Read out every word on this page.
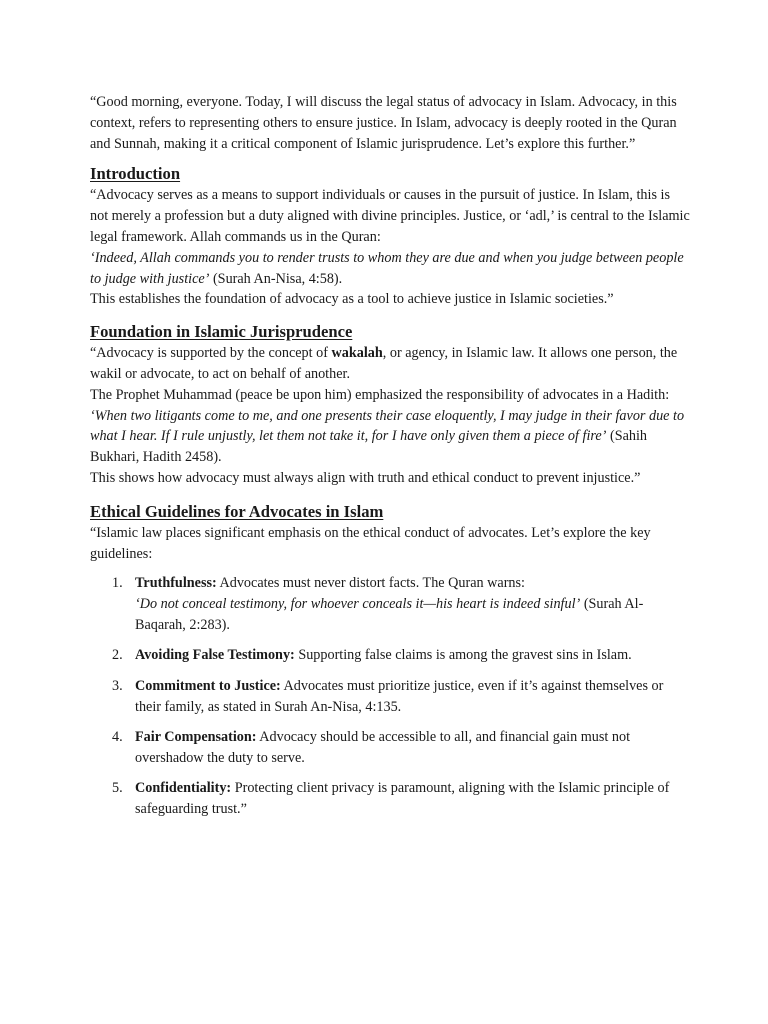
“Good morning, everyone. Today, I will discuss the legal status of advocacy in Islam. Advocacy, in this context, refers to representing others to ensure justice. In Islam, advocacy is deeply rooted in the Quran and Sunnah, making it a critical component of Islamic jurisprudence. Let’s explore this further.”

Introduction

“Advocacy serves as a means to support individuals or causes in the pursuit of justice. In Islam, this is not merely a profession but a duty aligned with divine principles. Justice, or ‘adl,’ is central to the Islamic legal framework. Allah commands us in the Quran:
‘Indeed, Allah commands you to render trusts to whom they are due and when you judge between people to judge with justice’ (Surah An-Nisa, 4:58).
This establishes the foundation of advocacy as a tool to achieve justice in Islamic societies.”

Foundation in Islamic Jurisprudence

“Advocacy is supported by the concept of wakalah, or agency, in Islamic law. It allows one person, the wakil or advocate, to act on behalf of another.
The Prophet Muhammad (peace be upon him) emphasized the responsibility of advocates in a Hadith:
‘When two litigants come to me, and one presents their case eloquently, I may judge in their favor due to what I hear. If I rule unjustly, let them not take it, for I have only given them a piece of fire’ (Sahih Bukhari, Hadith 2458).
This shows how advocacy must always align with truth and ethical conduct to prevent injustice.”

Ethical Guidelines for Advocates in Islam

“Islamic law places significant emphasis on the ethical conduct of advocates. Let’s explore the key guidelines:

1. Truthfulness: Advocates must never distort facts. The Quran warns:
‘Do not conceal testimony, for whoever conceals it—his heart is indeed sinful’ (Surah Al-Baqarah, 2:283).
2. Avoiding False Testimony: Supporting false claims is among the gravest sins in Islam.
3. Commitment to Justice: Advocates must prioritize justice, even if it’s against themselves or their family, as stated in Surah An-Nisa, 4:135.
4. Fair Compensation: Advocacy should be accessible to all, and financial gain must not overshadow the duty to serve.
5. Confidentiality: Protecting client privacy is paramount, aligning with the Islamic principle of safeguarding trust.”
